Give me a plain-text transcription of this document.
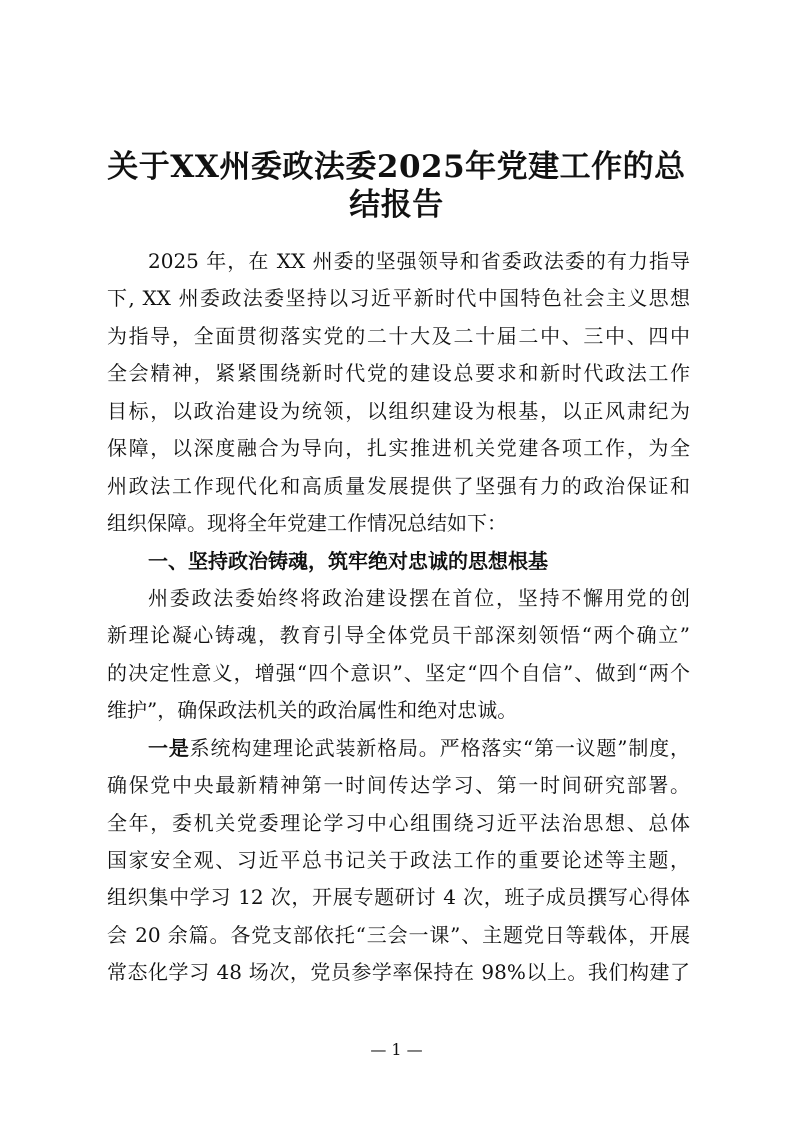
关于XX州委政法委2025年党建工作的总
结报告
2025 年，在 XX 州委的坚强领导和省委政法委的有力指导
下, XX 州委政法委坚持以习近平新时代中国特色社会主义思想
为指导，全面贯彻落实党的二十大及二十届二中、三中、四中
全会精神，紧紧围绕新时代党的建设总要求和新时代政法工作
目标，以政治建设为统领，以组织建设为根基，以正风肃纪为
保障，以深度融合为导向，扎实推进机关党建各项工作，为全
州政法工作现代化和高质量发展提供了坚强有力的政治保证和
组织保障。现将全年党建工作情况总结如下：
一、坚持政治铸魂，筑牢绝对忠诚的思想根基
州委政法委始终将政治建设摆在首位，坚持不懈用党的创
新理论凝心铸魂，教育引导全体党员干部深刻领悟“两个确立”
的决定性意义，增强“四个意识”、坚定“四个自信”、做到“两个
维护”，确保政法机关的政治属性和绝对忠诚。
一是系统构建理论武装新格局。严格落实“第一议题”制度，
确保党中央最新精神第一时间传达学习、第一时间研究部署。
全年，委机关党委理论学习中心组围绕习近平法治思想、总体
国家安全观、习近平总书记关于政法工作的重要论述等主题，
组织集中学习 12 次，开展专题研讨 4 次，班子成员撰写心得体
会 20 余篇。各党支部依托“三会一课”、主题党日等载体，开展
常态化学习 48 场次，党员参学率保持在 98%以上。我们构建了
— 1 —
